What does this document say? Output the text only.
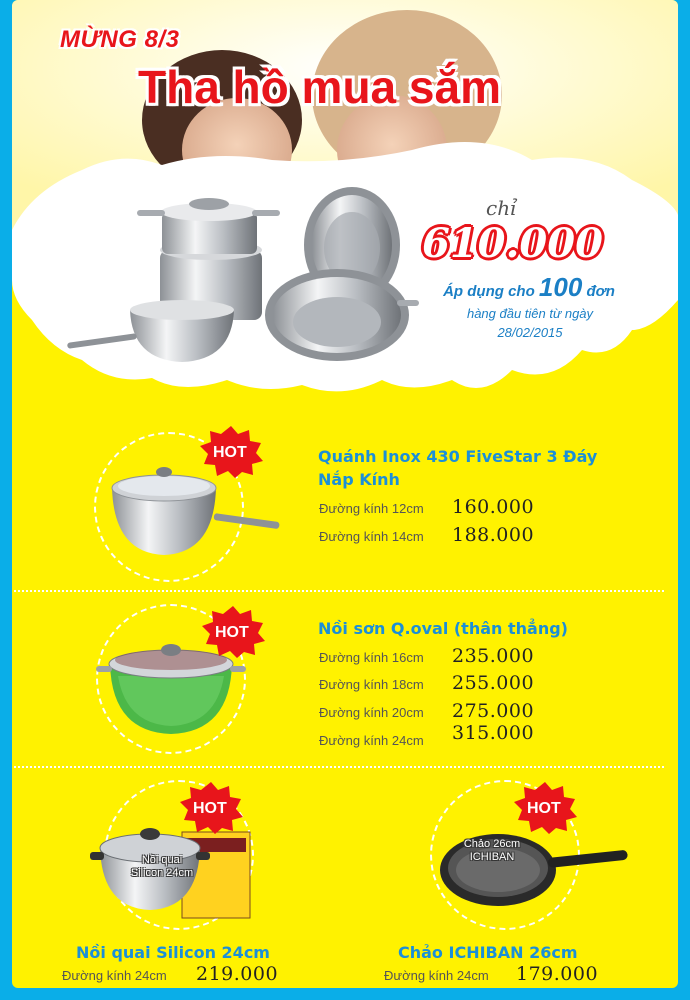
MỪNG 8/3
Tha hồ mua sắm
chỉ
610.000
Áp dụng cho 100 đơn
hàng đầu tiên từ ngày
28/02/2015
HOT	Quánh Inox 430 FiveStar 3 Đáy
Nắp Kính
Đường kính 12cm 160.000
Đường kính 14cm 188.000
HOT	Nồi sơn Q.oval (thân thẳng)
Đường kính 16cm 235.000
Đường kính 18cm 255.000
Đường kính 20cm 275.000
Đường kính 24cm 315.000
Nồi quai
Silicon 24cm
HOT
Nồi quai Silicon 24cm
Đường kính 24cm 219.000
Chảo 26cm
ICHIBAN
HOT
Chảo ICHIBAN 26cm
Đường kính 24cm 179.000
